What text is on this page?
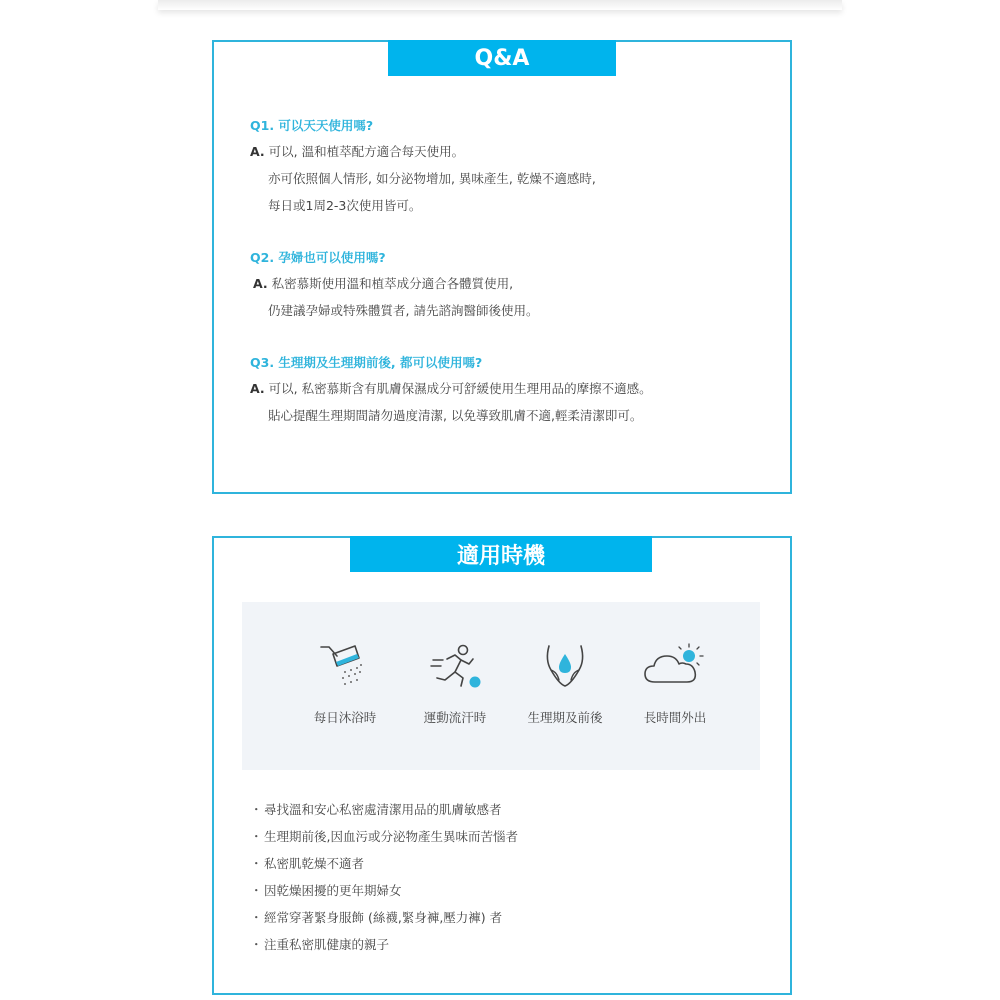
Q&A
Q1. 可以天天使用嗎?
A. 可以, 溫和植萃配方適合每天使用。
亦可依照個人情形, 如分泌物增加, 異味產生, 乾燥不適感時,
每日或1周2-3次使用皆可。
Q2. 孕婦也可以使用嗎?
A. 私密慕斯使用溫和植萃成分適合各體質使用,
仍建議孕婦或特殊體質者, 請先諮詢醫師後使用。
Q3. 生理期及生理期前後, 都可以使用嗎?
A. 可以, 私密慕斯含有肌膚保濕成分可舒緩使用生理用品的摩擦不適感。
貼心提醒生理期間請勿過度清潔, 以免導致肌膚不適,輕柔清潔即可。
適用時機
每日沐浴時	運動流汗時	生理期及前後	長時間外出
・尋找溫和安心私密處清潔用品的肌膚敏感者
・生理期前後,因血污或分泌物產生異味而苦惱者
・私密肌乾燥不適者
・因乾燥困擾的更年期婦女
・經常穿著緊身服飾 (絲襪,緊身褲,壓力褲) 者
・注重私密肌健康的親子
